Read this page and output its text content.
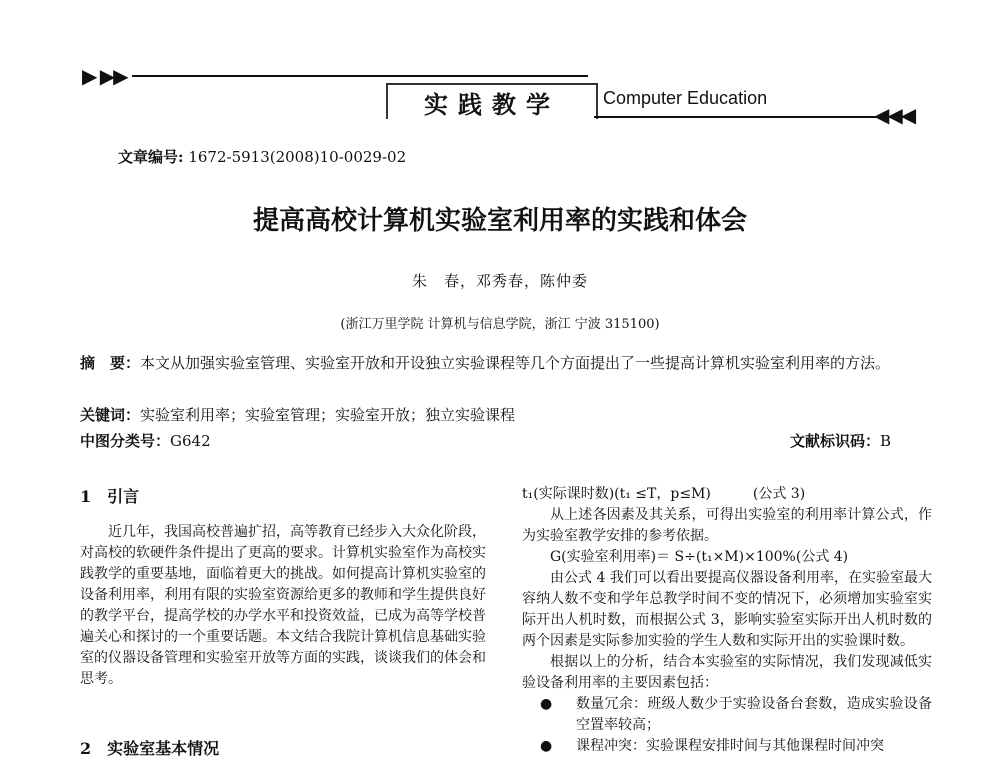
▶ ▶▶
实践教学 Computer Education
◀◀◀
文章编号: 1672-5913(2008)10-0029-02
提高高校计算机实验室利用率的实践和体会
朱　春，邓秀春，陈仲委
(浙江万里学院 计算机与信息学院，浙江 宁波 315100)
摘　要：本文从加强实验室管理、实验室开放和开设独立实验课程等几个方面提出了一些提高计算机实验室利用率的方法。
关键词：实验室利用率；实验室管理；实验室开放；独立实验课程
中图分类号：G642	文献标识码：B
1　引言
近几年，我国高校普遍扩招，高等教育已经步入大众化阶段，对高校的软硬件条件提出了更高的要求。计算机实验室作为高校实践教学的重要基地，面临着更大的挑战。如何提高计算机实验室的设备利用率，利用有限的实验室资源给更多的教师和学生提供良好的教学平台，提高学校的办学水平和投资效益，已成为高等学校普遍关心和探讨的一个重要话题。本文结合我院计算机信息基础实验室的仪器设备管理和实验室开放等方面的实践，谈谈我们的体会和思考。
2　实验室基本情况
t₁(实际课时数)(t₁ ≤T，p≤M)　　　(公式 3)
从上述各因素及其关系，可得出实验室的利用率计算公式，作为实验室教学安排的参考依据。
G(实验室利用率)＝ S÷(t₁×M)×100%(公式 4)
由公式 4 我们可以看出要提高仪器设备利用率，在实验室最大容纳人数不变和学年总教学时间不变的情况下，必须增加实验室实际开出人机时数，而根据公式 3，影响实验室实际开出人机时数的两个因素是实际参加实验的学生人数和实际开出的实验课时数。
根据以上的分析，结合本实验室的实际情况，我们发现减低实验设备利用率的主要因素包括：
● 数量冗余：班级人数少于实验设备台套数，造成实验设备空置率较高；
● 课程冲突：实验课程安排时间与其他课程时间冲突
